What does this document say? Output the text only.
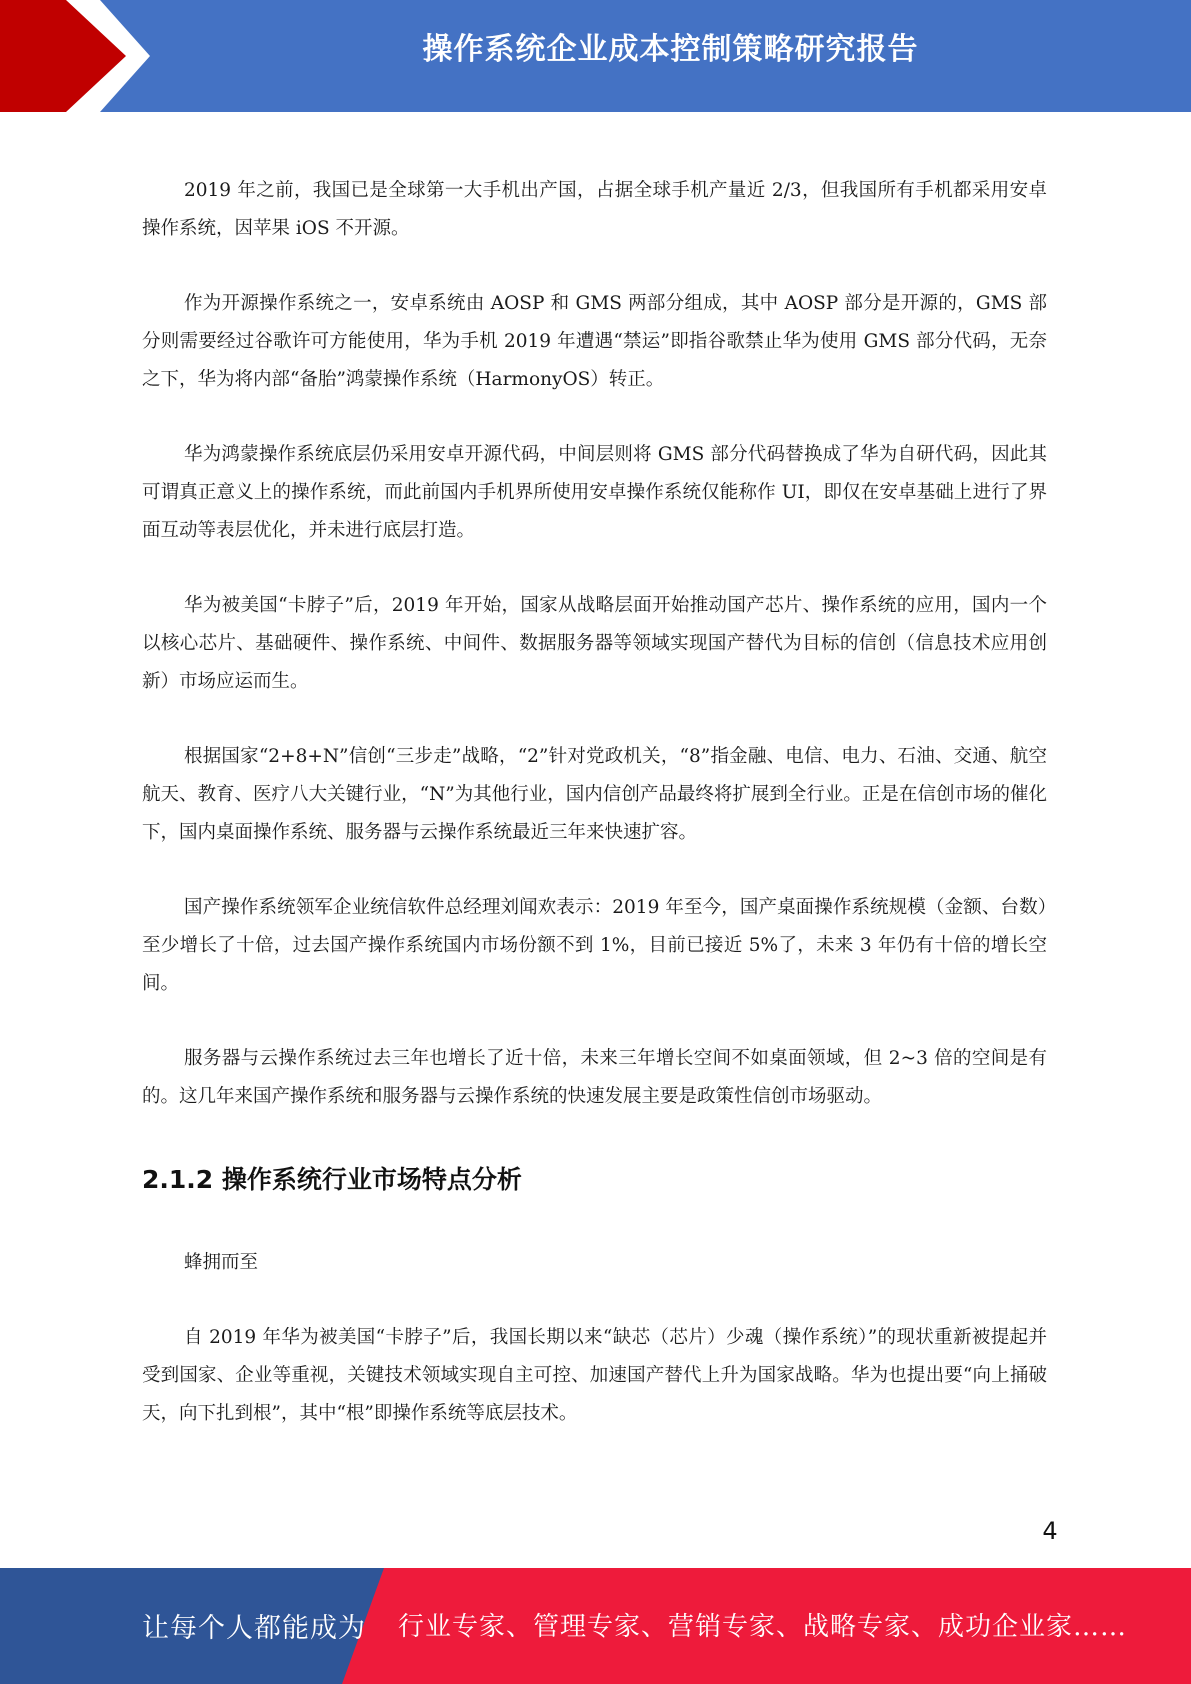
操作系统企业成本控制策略研究报告

2019 年之前，我国已是全球第一大手机出产国，占据全球手机产量近 2/3，但我国所有手机都采用安卓操作系统，因苹果 iOS 不开源。

作为开源操作系统之一，安卓系统由 AOSP 和 GMS 两部分组成，其中 AOSP 部分是开源的，GMS 部分则需要经过谷歌许可方能使用，华为手机 2019 年遭遇“禁运”即指谷歌禁止华为使用 GMS 部分代码，无奈之下，华为将内部“备胎”鸿蒙操作系统（HarmonyOS）转正。

华为鸿蒙操作系统底层仍采用安卓开源代码，中间层则将 GMS 部分代码替换成了华为自研代码，因此其可谓真正意义上的操作系统，而此前国内手机界所使用安卓操作系统仅能称作 UI，即仅在安卓基础上进行了界面互动等表层优化，并未进行底层打造。

华为被美国“卡脖子”后，2019 年开始，国家从战略层面开始推动国产芯片、操作系统的应用，国内一个以核心芯片、基础硬件、操作系统、中间件、数据服务器等领域实现国产替代为目标的信创（信息技术应用创新）市场应运而生。

根据国家“2+8+N”信创“三步走”战略，“2”针对党政机关，“8”指金融、电信、电力、石油、交通、航空航天、教育、医疗八大关键行业，“N”为其他行业，国内信创产品最终将扩展到全行业。正是在信创市场的催化下，国内桌面操作系统、服务器与云操作系统最近三年来快速扩容。

国产操作系统领军企业统信软件总经理刘闻欢表示：2019 年至今，国产桌面操作系统规模（金额、台数）至少增长了十倍，过去国产操作系统国内市场份额不到 1%，目前已接近 5%了，未来 3 年仍有十倍的增长空间。

服务器与云操作系统过去三年也增长了近十倍，未来三年增长空间不如桌面领域，但 2~3 倍的空间是有的。这几年来国产操作系统和服务器与云操作系统的快速发展主要是政策性信创市场驱动。

2.1.2 操作系统行业市场特点分析

蜂拥而至

自 2019 年华为被美国“卡脖子”后，我国长期以来“缺芯（芯片）少魂（操作系统）”的现状重新被提起并受到国家、企业等重视，关键技术领域实现自主可控、加速国产替代上升为国家战略。华为也提出要“向上捅破天，向下扎到根”，其中“根”即操作系统等底层技术。

4
让每个人都能成为 行业专家、管理专家、营销专家、战略专家、成功企业家……
